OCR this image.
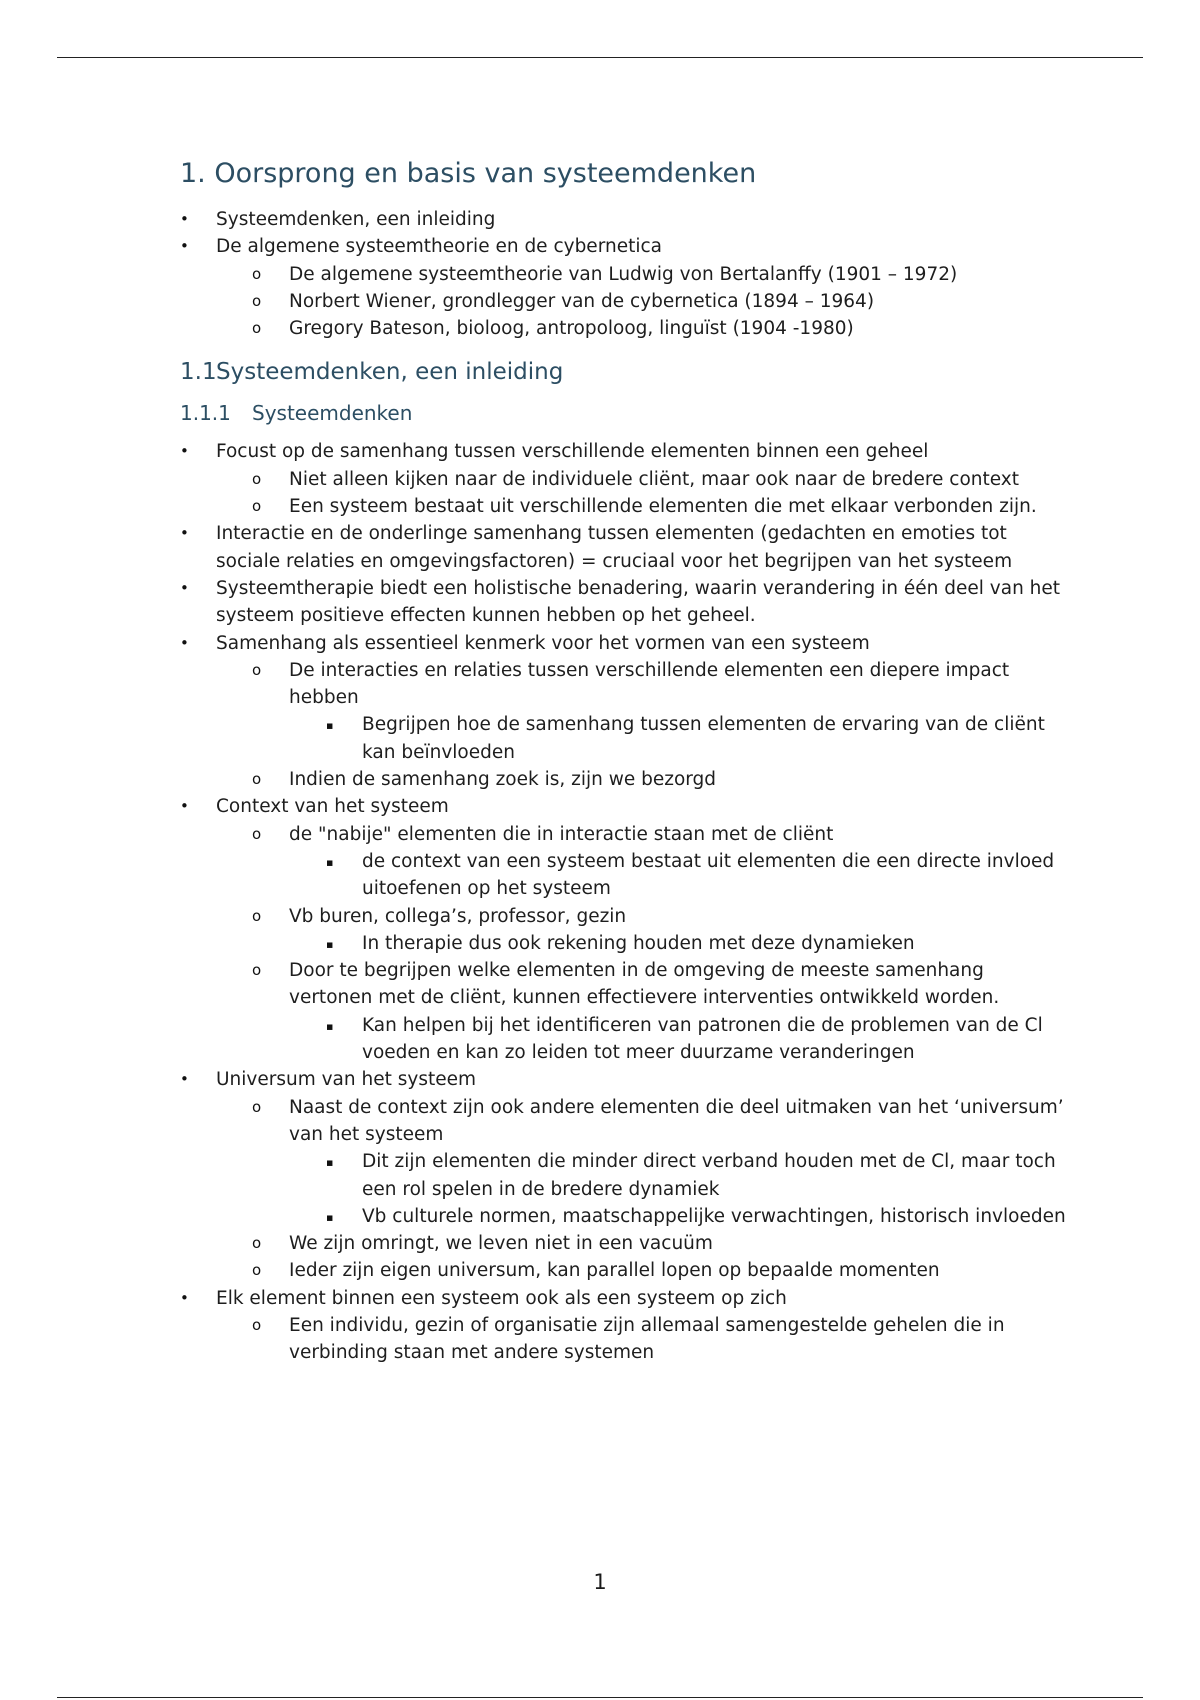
1. Oorsprong en basis van systeemdenken
• Systeemdenken, een inleiding
• De algemene systeemtheorie en de cybernetica
o De algemene systeemtheorie van Ludwig von Bertalanffy (1901 – 1972)
o Norbert Wiener, grondlegger van de cybernetica (1894 – 1964)
o Gregory Bateson, bioloog, antropoloog, linguïst (1904 -1980)
1.1Systeemdenken, een inleiding
1.1.1 Systeemdenken
• Focust op de samenhang tussen verschillende elementen binnen een geheel
o Niet alleen kijken naar de individuele cliënt, maar ook naar de bredere context
o Een systeem bestaat uit verschillende elementen die met elkaar verbonden zijn.
• Interactie en de onderlinge samenhang tussen elementen (gedachten en emoties tot sociale relaties en omgevingsfactoren) = cruciaal voor het begrijpen van het systeem
• Systeemtherapie biedt een holistische benadering, waarin verandering in één deel van het systeem positieve effecten kunnen hebben op het geheel.
• Samenhang als essentieel kenmerk voor het vormen van een systeem
o De interacties en relaties tussen verschillende elementen een diepere impact hebben
▪ Begrijpen hoe de samenhang tussen elementen de ervaring van de cliënt kan beïnvloeden
o Indien de samenhang zoek is, zijn we bezorgd
• Context van het systeem
o de "nabije" elementen die in interactie staan met de cliënt
▪ de context van een systeem bestaat uit elementen die een directe invloed uitoefenen op het systeem
o Vb buren, collega’s, professor, gezin
▪ In therapie dus ook rekening houden met deze dynamieken
o Door te begrijpen welke elementen in de omgeving de meeste samenhang vertonen met de cliënt, kunnen effectievere interventies ontwikkeld worden.
▪ Kan helpen bij het identificeren van patronen die de problemen van de Cl voeden en kan zo leiden tot meer duurzame veranderingen
• Universum van het systeem
o Naast de context zijn ook andere elementen die deel uitmaken van het ‘universum’ van het systeem
▪ Dit zijn elementen die minder direct verband houden met de Cl, maar toch een rol spelen in de bredere dynamiek
▪ Vb culturele normen, maatschappelijke verwachtingen, historisch invloeden
o We zijn omringt, we leven niet in een vacuüm
o Ieder zijn eigen universum, kan parallel lopen op bepaalde momenten
• Elk element binnen een systeem ook als een systeem op zich
o Een individu, gezin of organisatie zijn allemaal samengestelde gehelen die in verbinding staan met andere systemen
1
